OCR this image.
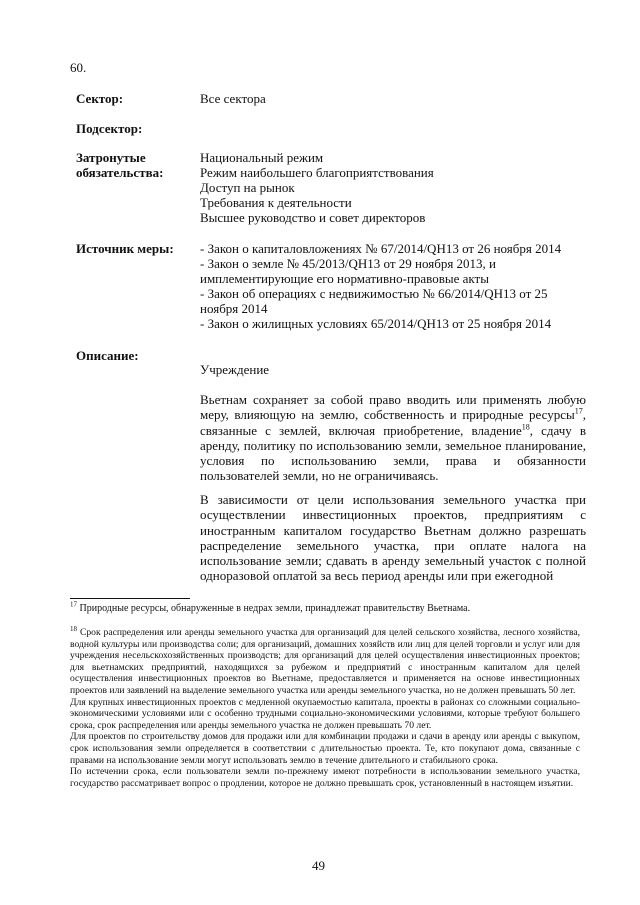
60.
Сектор:	Все сектора
Подсектор:
Затронутые
обязательства:
Национальный режим
Режим наибольшего благоприятствования
Доступ на рынок
Требования к деятельности
Высшее руководство и совет директоров
Источник меры: - Закон о капиталовложениях № 67/2014/QH13 от 26 ноября 2014
- Закон о земле № 45/2013/QH13 от 29 ноября 2013, и
имплементирующие его нормативно-правовые акты
- Закон об операциях с недвижимостью № 66/2014/QH13 от 25
ноября 2014
- Закон о жилищных условиях 65/2014/QH13 от 25 ноября 2014
Описание:
Учреждение
Вьетнам сохраняет за собой право вводить или применять любую меру, влияющую на землю, собственность и природные ресурсы$^{17}$, связанные с землей, включая приобретение, владение$^{18}$, сдачу в аренду, политику по использованию земли, земельное планирование, условия по использованию земли, права и обязанности пользователей земли, но не ограничиваясь.
В зависимости от цели использования земельного участка при осуществлении инвестиционных проектов, предприятиям с иностранным капиталом государство Вьетнам должно разрешать распределение земельного участка, при оплате налога на использование земли; сдавать в аренду земельный участок с полной одноразовой оплатой за весь период аренды или при ежегодной
$^{17}$ Природные ресурсы, обнаруженные в недрах земли, принадлежат правительству Вьетнама.

$^{18}$ Срок распределения или аренды земельного участка для организаций для целей сельского хозяйства, лесного хозяйства, водной культуры или производства соли; для организаций, домашних хозяйств или лиц для целей торговли и услуг или для учреждения несельскохозяйственных производств; для организаций для целей осуществления инвестиционных проектов; для вьетнамских предприятий, находящихся за рубежом и предприятий с иностранным капиталом для целей осуществления инвестиционных проектов во Вьетнаме, предоставляется и применяется на основе инвестиционных проектов или заявлений на выделение земельного участка или аренды земельного участка, но не должен превышать 50 лет.

Для крупных инвестиционных проектов с медленной окупаемостью капитала, проекты в районах со сложными социально-экономическими условиями или с особенно трудными социально-экономическими условиями, которые требуют большего срока, срок распределения или аренды земельного участка не должен превышать 70 лет.

Для проектов по строительству домов для продажи или для комбинации продажи и сдачи в аренду или аренды с выкупом, срок использования земли определяется в соответствии с длительностью проекта. Те, кто покупают дома, связанные с правами на использование земли могут использовать землю в течение длительного и стабильного срока.

По истечении срока, если пользователи земли по-прежнему имеют потребности в использовании земельного участка, государство рассматривает вопрос о продлении, которое не должно превышать срок, установленный в настоящем изъятии.

49
